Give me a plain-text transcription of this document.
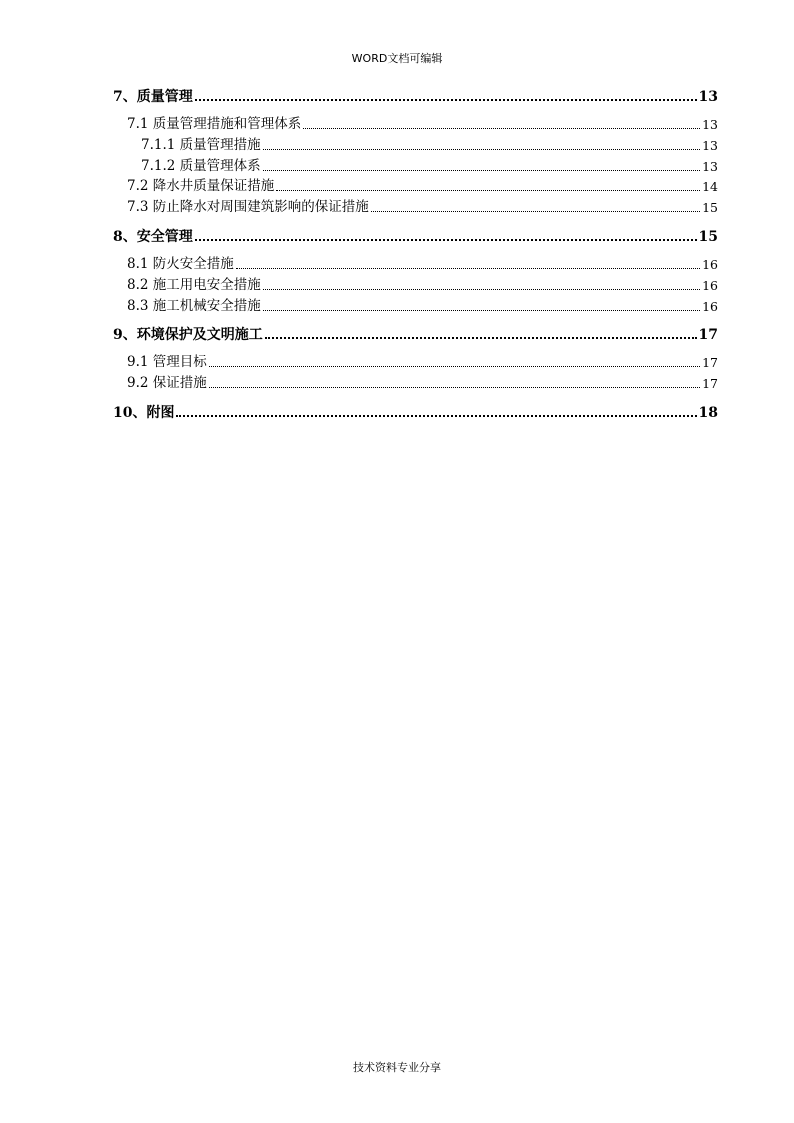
WORD文档可编辑
7、质量管理	13
7.1 质量管理措施和管理体系	13
7.1.1 质量管理措施	13
7.1.2 质量管理体系	13
7.2 降水井质量保证措施	14
7.3 防止降水对周围建筑影响的保证措施	15
8、安全管理	15
8.1 防火安全措施	16
8.2 施工用电安全措施	16
8.3 施工机械安全措施	16
9、环境保护及文明施工	17
9.1 管理目标	17
9.2 保证措施	17
10、附图	18
技术资料专业分享
